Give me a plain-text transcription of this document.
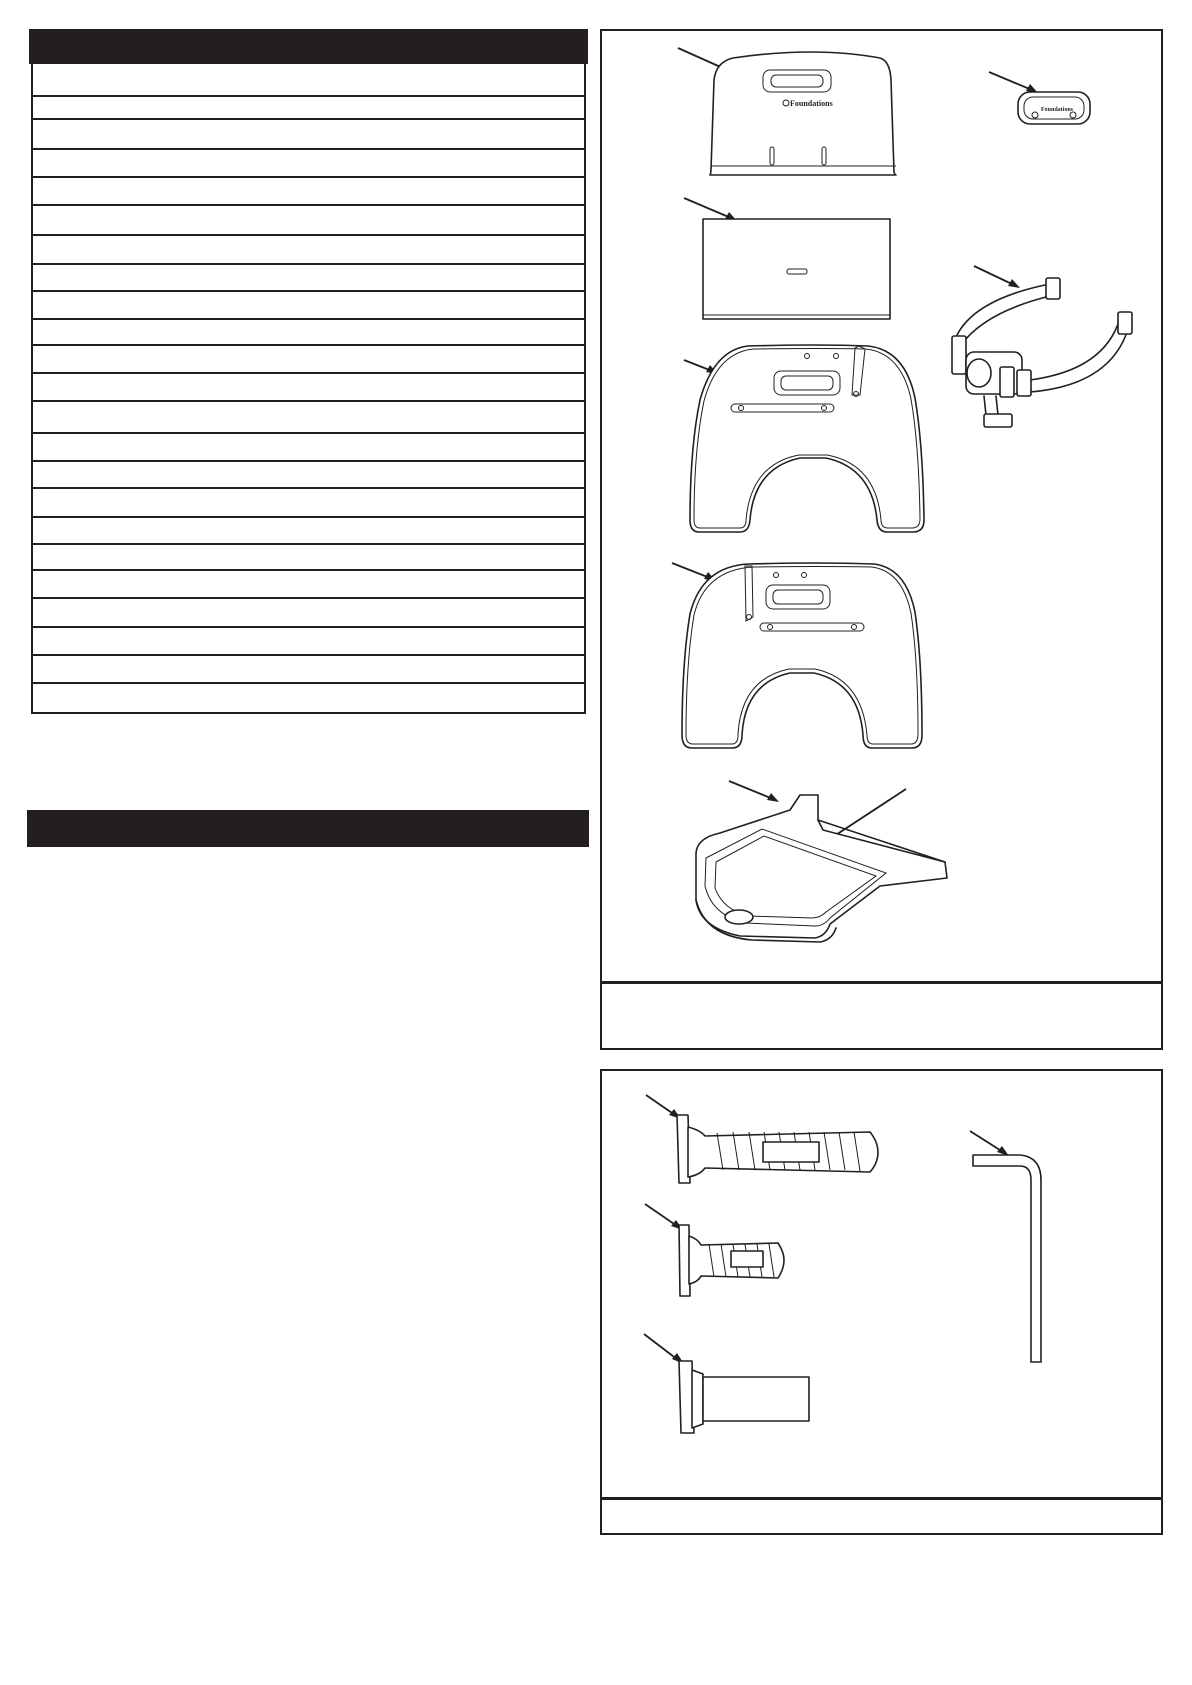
Foundations
Foundations
